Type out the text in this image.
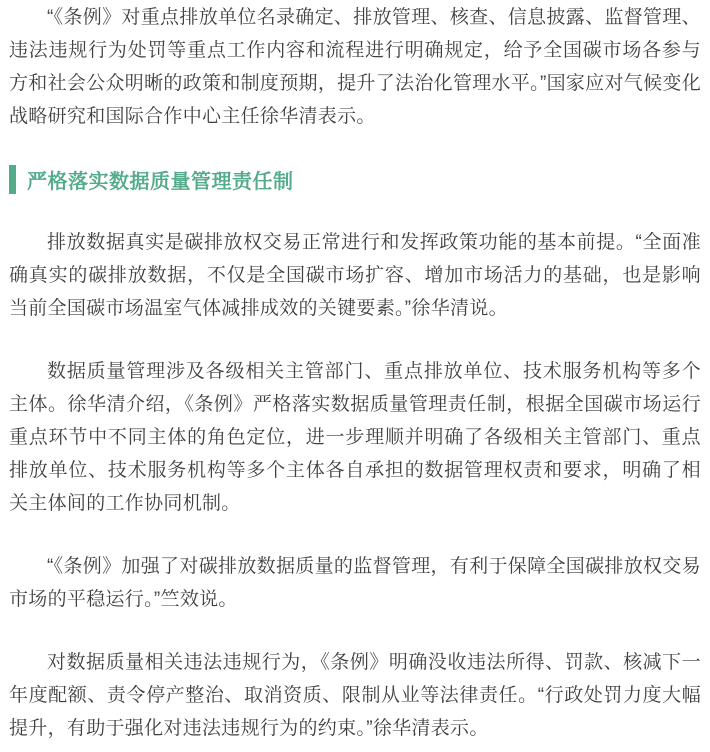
“《条例》对重点排放单位名录确定、排放管理、核查、信息披露、监督管理、违法违规行为处罚等重点工作内容和流程进行明确规定，给予全国碳市场各参与方和社会公众明晰的政策和制度预期，提升了法治化管理水平。”国家应对气候变化战略研究和国际合作中心主任徐华清表示。

严格落实数据质量管理责任制

排放数据真实是碳排放权交易正常进行和发挥政策功能的基本前提。“全面准确真实的碳排放数据，不仅是全国碳市场扩容、增加市场活力的基础，也是影响当前全国碳市场温室气体减排成效的关键要素。”徐华清说。

数据质量管理涉及各级相关主管部门、重点排放单位、技术服务机构等多个主体。徐华清介绍，《条例》严格落实数据质量管理责任制，根据全国碳市场运行重点环节中不同主体的角色定位，进一步理顺并明确了各级相关主管部门、重点排放单位、技术服务机构等多个主体各自承担的数据管理权责和要求，明确了相关主体间的工作协同机制。

“《条例》加强了对碳排放数据质量的监督管理，有利于保障全国碳排放权交易市场的平稳运行。”竺效说。

对数据质量相关违法违规行为，《条例》明确没收违法所得、罚款、核减下一年度配额、责令停产整治、取消资质、限制从业等法律责任。“行政处罚力度大幅提升，有助于强化对违法违规行为的约束。”徐华清表示。
